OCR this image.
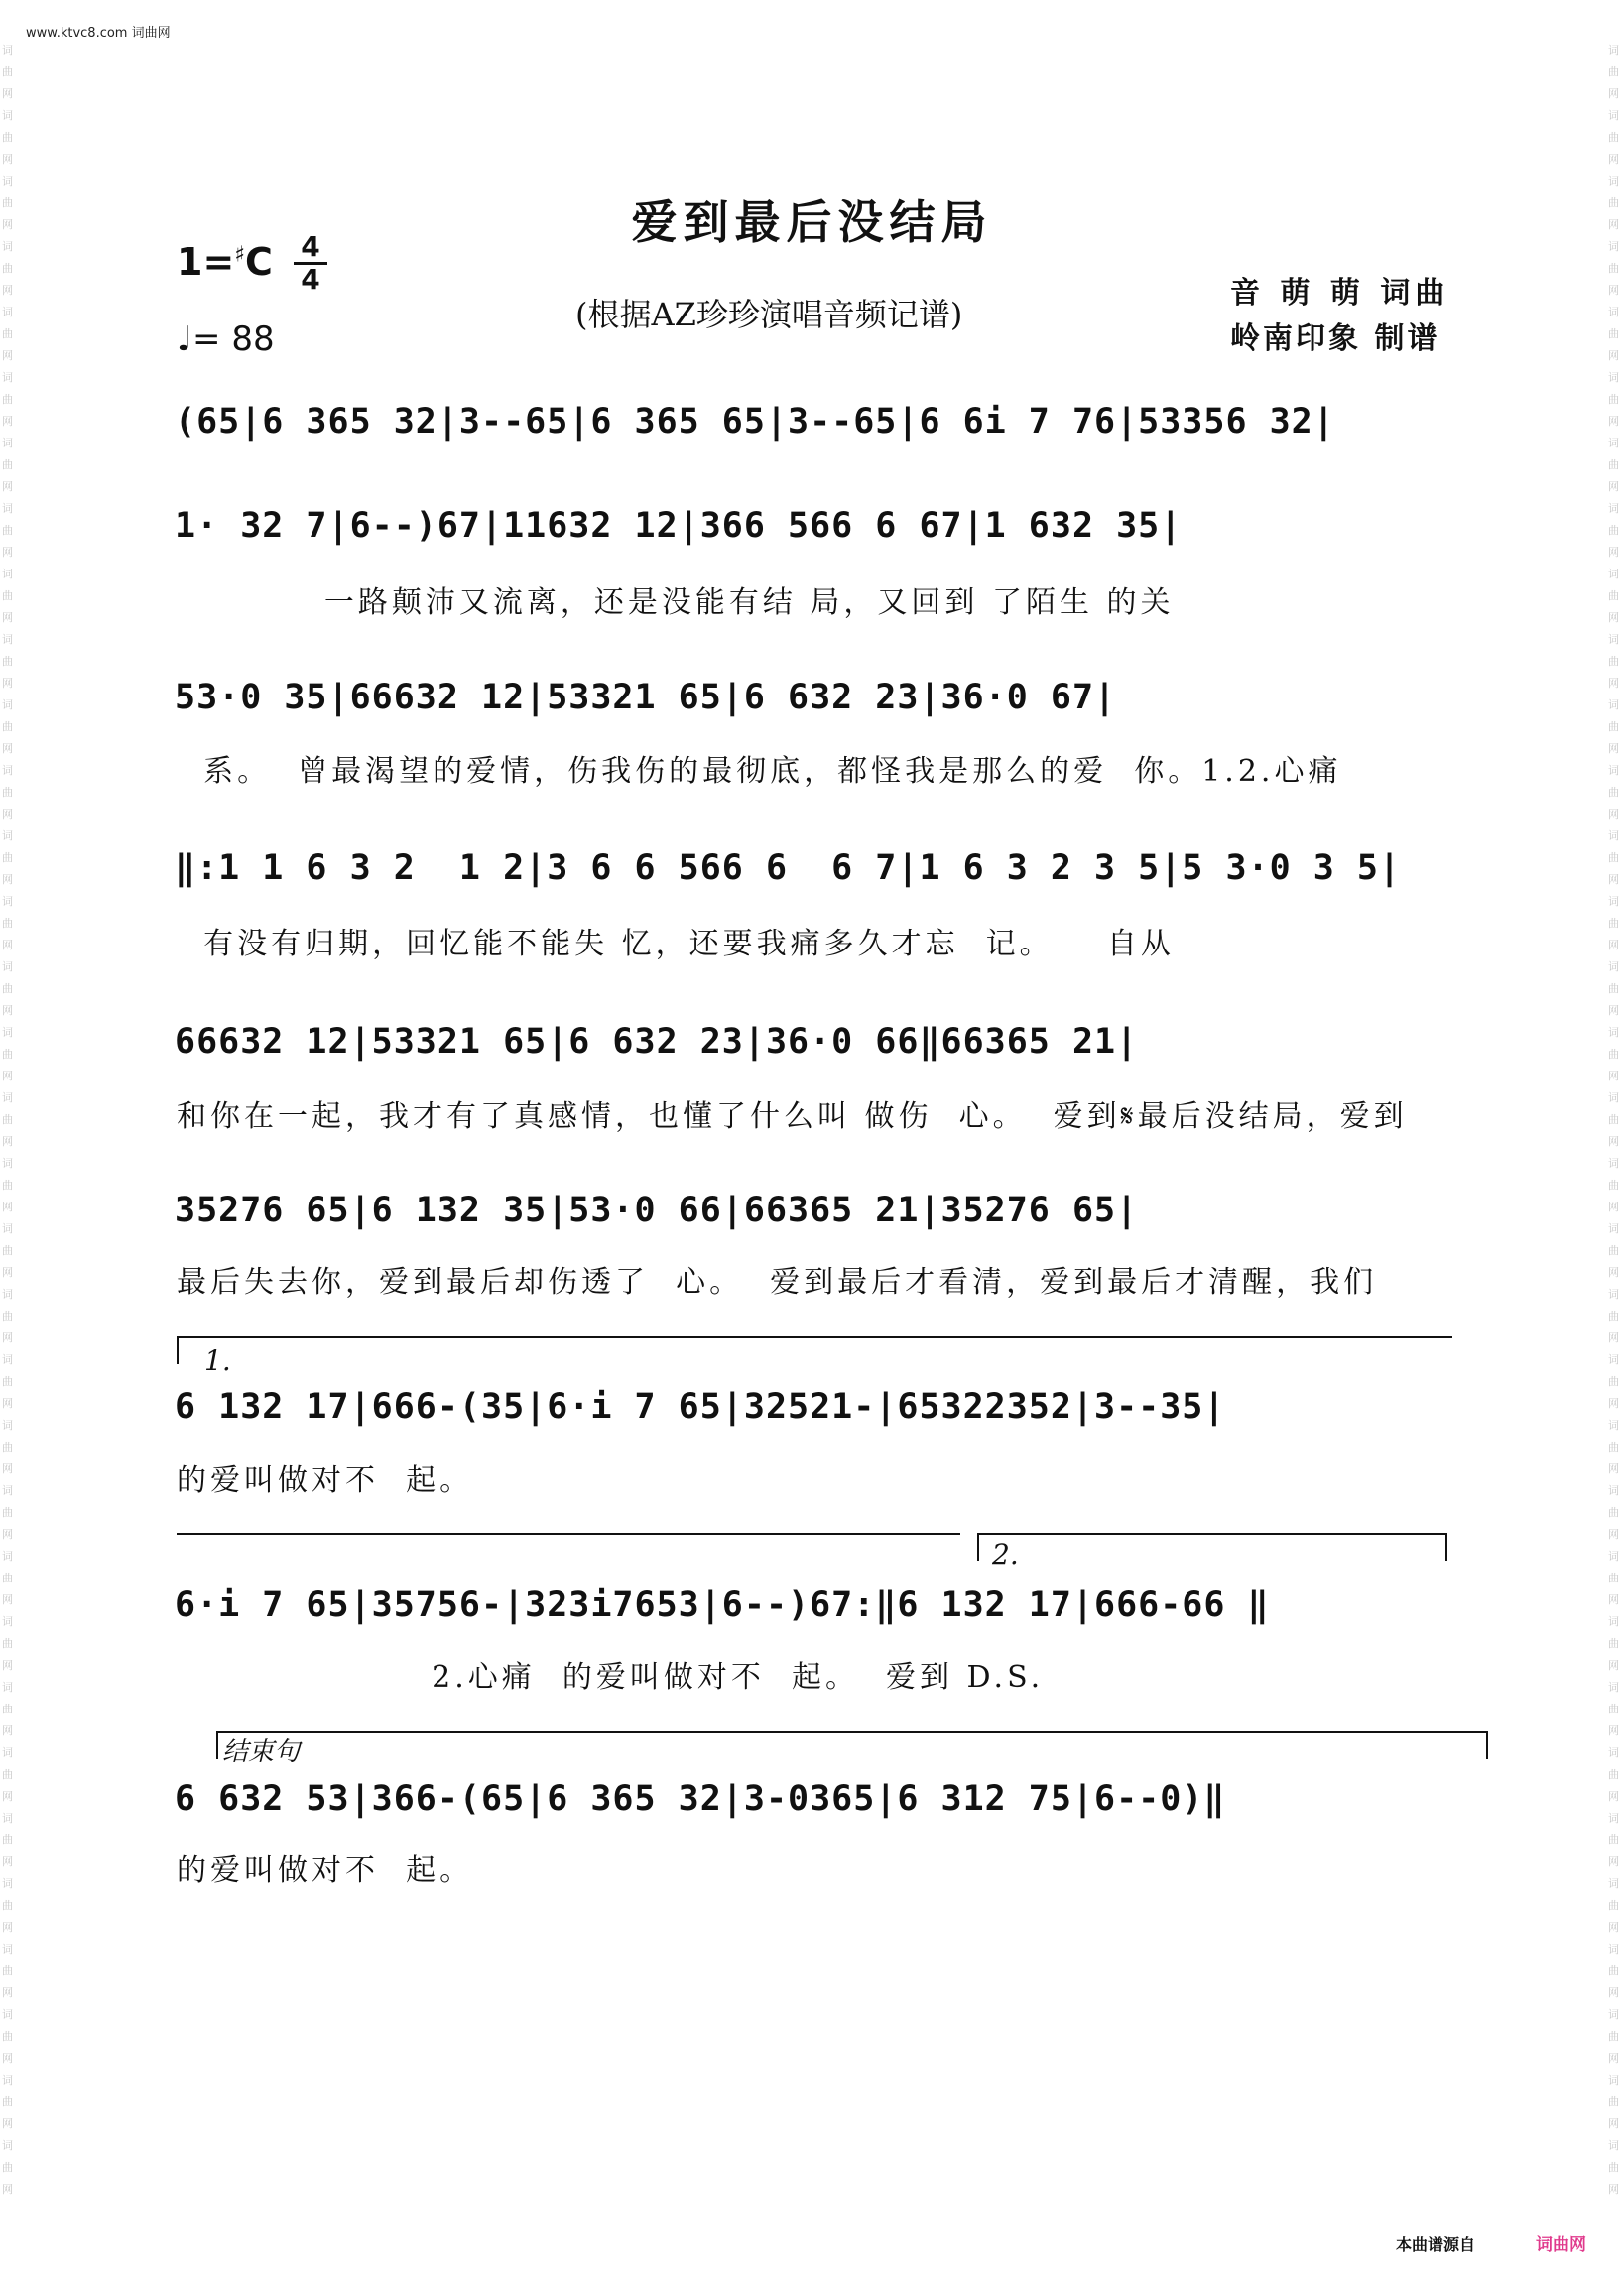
词曲网词曲网词曲网词曲网词曲网词曲网词曲网词曲网词曲网词曲网词曲网词曲网词曲网词曲网词曲网词曲网词曲网词曲网词曲网词曲网词曲网词曲网词曲网词曲网词曲网词曲网词曲网词曲网词曲网词曲网词曲网词曲网词曲网
词曲网词曲网词曲网词曲网词曲网词曲网词曲网词曲网词曲网词曲网词曲网词曲网词曲网词曲网词曲网词曲网词曲网词曲网词曲网词曲网词曲网词曲网词曲网词曲网词曲网词曲网词曲网词曲网词曲网词曲网词曲网词曲网词曲网
www.ktvc8.com 词曲网
爱到最后没结局
1=♯C 4
4
♩= 88
(根据AZ珍珍演唱音频记谱)
音 萌 萌 词曲
岭南印象 制谱
(65|6 365 32|3--65|6 365 65|3--65|6 6i 7 76|53356 32|
1· 32 7|6--)67|11632 12|366 566 6 67|1 632 35|
一路颠沛又流离，还是没能有结 局，又回到 了陌生 的关
53·0 35|66632 12|53321 65|6 632 23|36·0 67|
系。  曾最渴望的爱情，伤我伤的最彻底，都怪我是那么的爱  你。1.2.心痛
‖:1 1 6 3 2  1 2|3 6 6 566 6  6 7|1 6 3 2 3 5|5 3·0 3 5|
有没有归期，回忆能不能失 忆，还要我痛多久才忘  记。    自从
66632 12|53321 65|6 632 23|36·0 66‖66365 21|
和你在一起，我才有了真感情，也懂了什么叫 做伤  心。  爱到𝄋最后没结局，爱到
35276 65|6 132 35|53·0 66|66365 21|35276 65|
最后失去你，爱到最后却伤透了  心。  爱到最后才看清，爱到最后才清醒，我们
1.
6 132 17|666-(35|6·i 7 65|32521-|65322352|3--35|
的爱叫做对不  起。
2.
6·i 7 65|35756-|323i7653|6--)67:‖6 132 17|666-66 ‖
2.心痛  的爱叫做对不  起。  爱到 D.S.
结束句
6 632 53|366-(65|6 365 32|3-0365|6 312 75|6--0)‖
的爱叫做对不  起。
本曲谱源自	词曲网
